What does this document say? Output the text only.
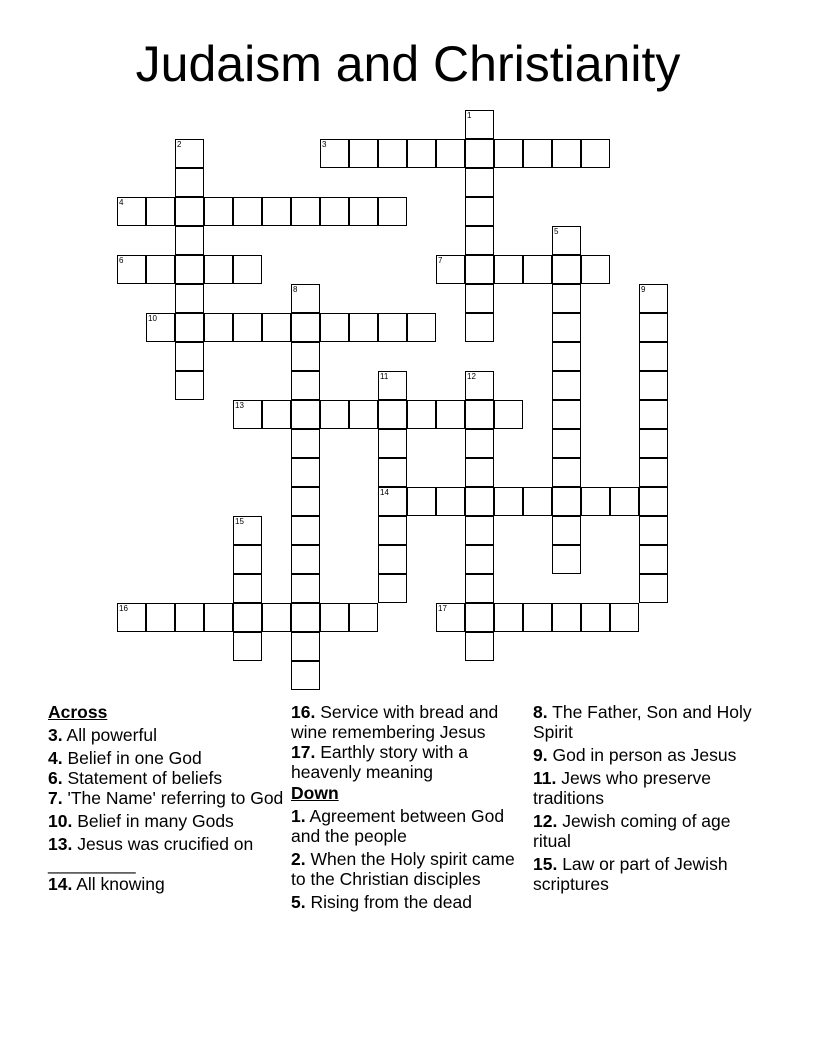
Judaism and Christianity
1
2	3
4
5
6	7
8	9
10
11
14
12
13
15
16	17
Across
3. All powerful
4. Belief in one God
6. Statement of beliefs
7. 'The Name' referring to God
10. Belief in many Gods
13. Jesus was crucified on _________
14. All knowing
16. Service with bread and wine remembering Jesus
17. Earthly story with a heavenly meaning
Down
1. Agreement between God and the people
2. When the Holy spirit came to the Christian disciples
5. Rising from the dead
8. The Father, Son and Holy Spirit
9. God in person as Jesus
11. Jews who preserve traditions
12. Jewish coming of age ritual
15. Law or part of Jewish scriptures
